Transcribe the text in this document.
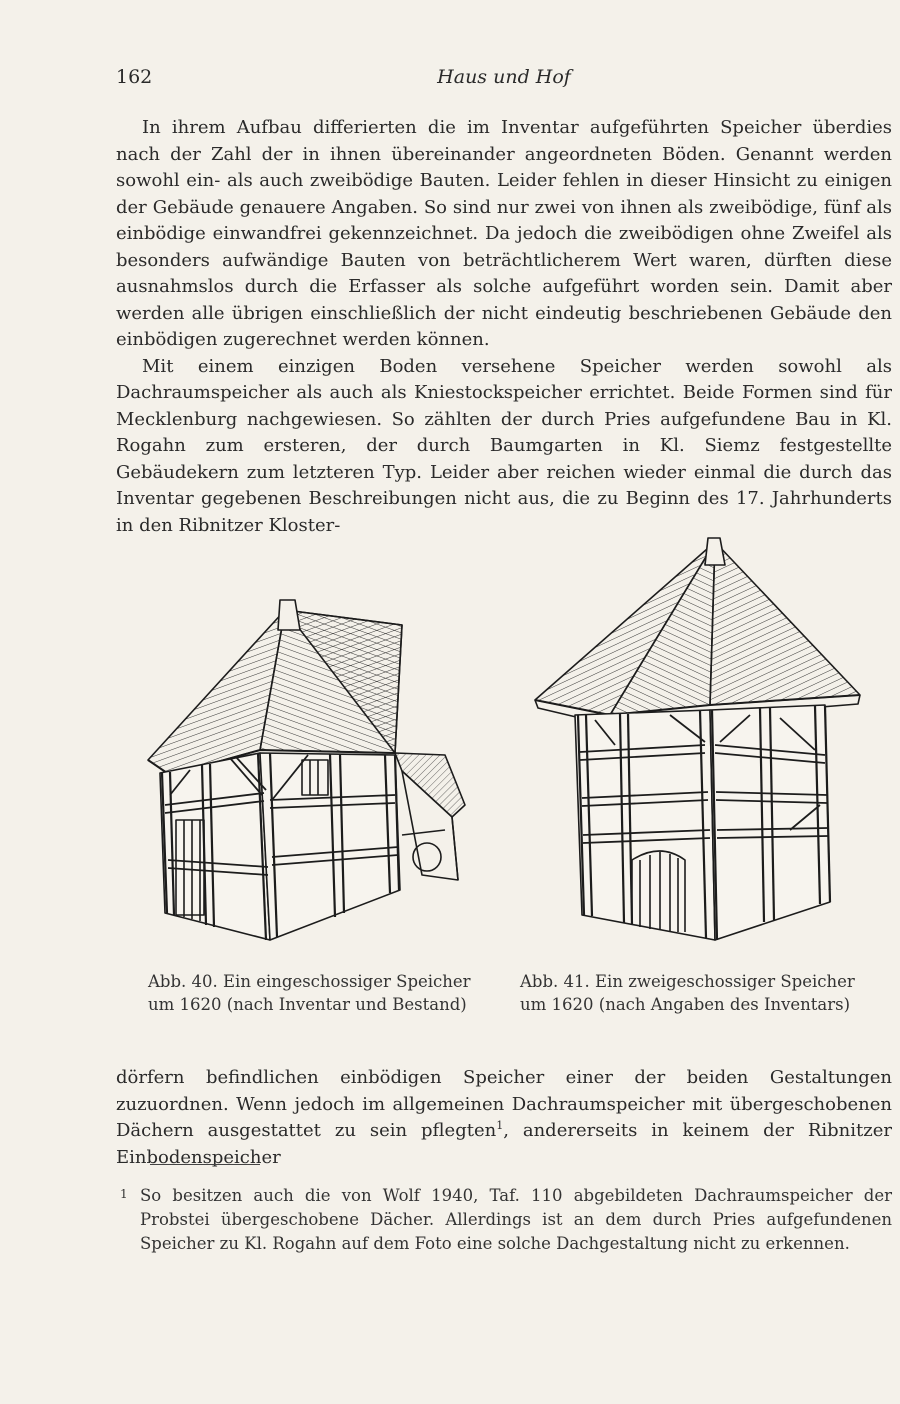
162	Haus und Hof

In ihrem Aufbau differierten die im Inventar aufgeführten Speicher überdies nach der Zahl der in ihnen übereinander angeordneten Böden. Genannt werden sowohl ein- als auch zweibödige Bauten. Leider fehlen in dieser Hinsicht zu einigen der Gebäude genauere Angaben. So sind nur zwei von ihnen als zweibödige, fünf als einbödige einwandfrei gekennzeichnet. Da jedoch die zweibödigen ohne Zweifel als besonders aufwändige Bauten von beträchtlicherem Wert waren, dürften diese ausnahmslos durch die Erfasser als solche aufgeführt worden sein. Damit aber werden alle übrigen einschließlich der nicht eindeutig beschriebenen Gebäude den einbödigen zugerechnet werden können.

Mit einem einzigen Boden versehene Speicher werden sowohl als Dachraumspeicher als auch als Kniestockspeicher errichtet. Beide Formen sind für Mecklenburg nachgewiesen. So zählten der durch Pries aufgefundene Bau in Kl. Rogahn zum ersteren, der durch Baumgarten in Kl. Siemz festgestellte Gebäudekern zum letzteren Typ. Leider aber reichen wieder einmal die durch das Inventar gegebenen Beschreibungen nicht aus, die zu Beginn des 17. Jahrhunderts in den Ribnitzer Kloster-

Abb. 40. Ein eingeschossiger Speicher
um 1620 (nach Inventar und Bestand)
Abb. 41. Ein zweigeschossiger Speicher
um 1620 (nach Angaben des Inventars)

dörfern befindlichen einbödigen Speicher einer der beiden Gestaltungen zuzuordnen. Wenn jedoch im allgemeinen Dachraumspeicher mit übergeschobenen Dächern ausgestattet zu sein pflegten$^1$, andererseits in keinem der Ribnitzer Einbodenspeicher

1 So besitzen auch die von Wolf 1940, Taf. 110 abgebildeten Dachraumspeicher der Probstei übergeschobene Dächer. Allerdings ist an dem durch Pries aufgefundenen Speicher zu Kl. Rogahn auf dem Foto eine solche Dachgestaltung nicht zu erkennen.
